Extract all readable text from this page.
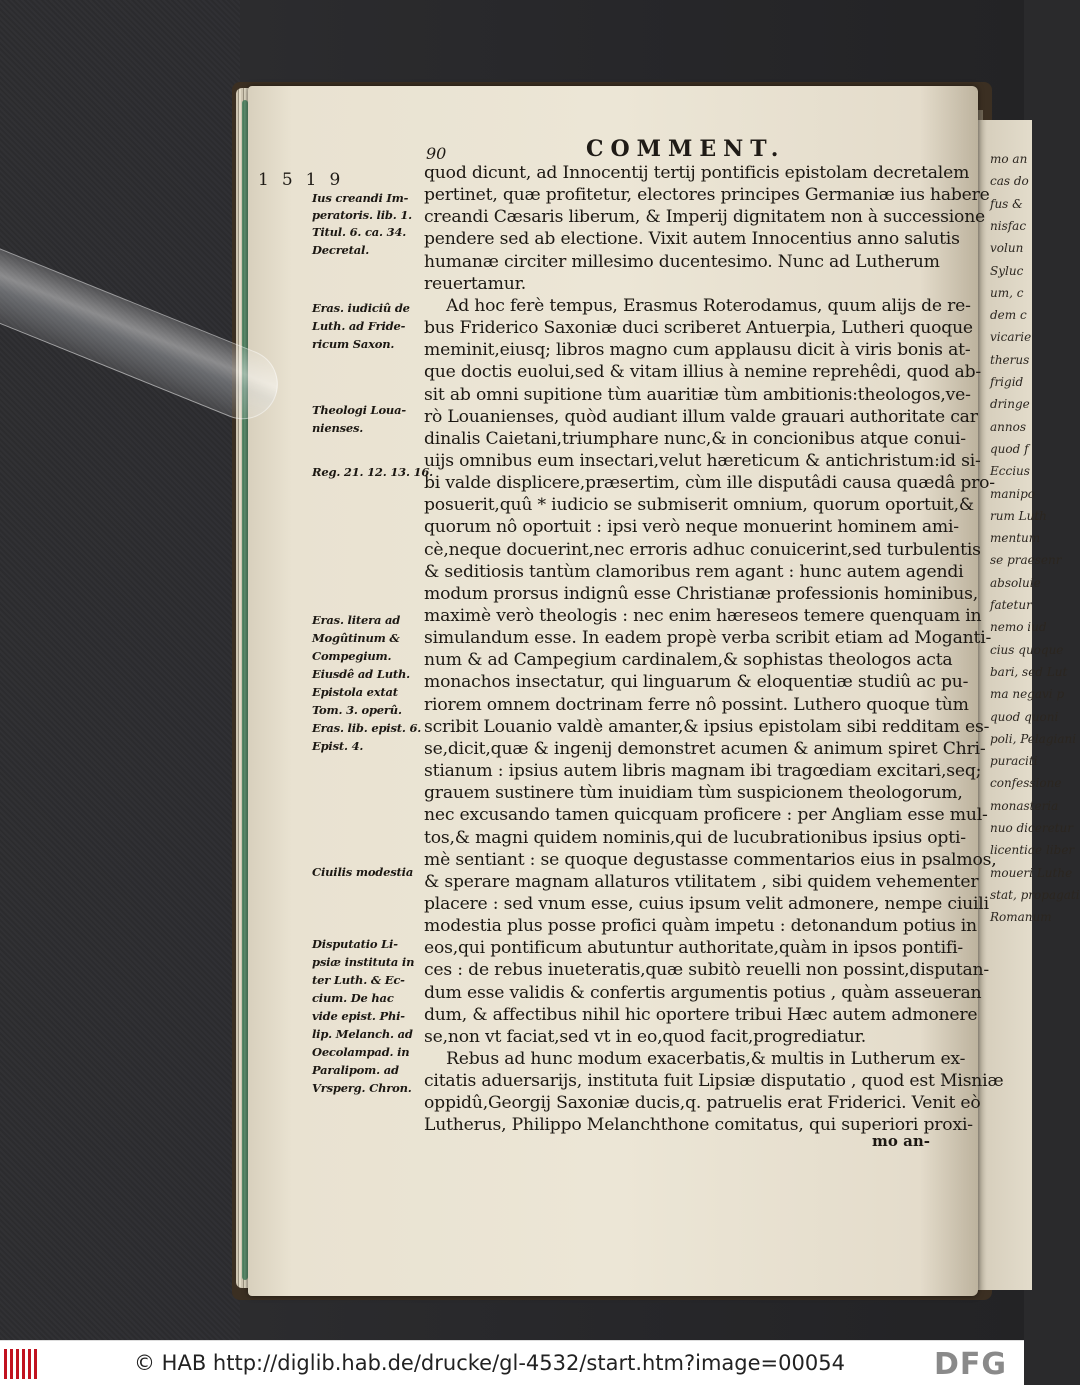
mo an
cas do
fus &
nisfac
volun
Syluc
um, c
dem c
vicarie
therus
frigid
dringe
annos
quod f
Eccius
manipo
rum Luth
mentum
se praesenr
absoluie
fatetur
nemo iud
cius quoque
bari, sed Lut
ma negavi p
quod quoni
poli, Pelagiani
puraciti
confessione
monasteria
nuo diceretur
licentiae liber
moueri Luthe
stat, propagati
Romanum
90	COMMENT.
1519	quod dicunt, ad Innocentij tertij pontificis epistolam decretalem
pertinet, quæ profitetur, electores principes Germaniæ ius habere
creandi Cæsaris liberum, & Imperij dignitatem non à successione
pendere sed ab electione. Vixit autem Innocentius anno salutis
humanæ circiter millesimo ducentesimo. Nunc ad Lutherum
reuertamur.
Ad hoc ferè tempus, Erasmus Roterodamus, quum alijs de re-
bus Friderico Saxoniæ duci scriberet Antuerpia, Lutheri quoque
meminit,eiusq; libros magno cum applausu dicit à viris bonis at-
que doctis euolui,sed & vitam illius à nemine reprehêdi, quod ab-
sit ab omni supitione tùm auaritiæ tùm ambitionis:theologos,ve-
rò Louanienses, quòd audiant illum valde grauari authoritate car
dinalis Caietani,triumphare nunc,& in concionibus atque conui-
uijs omnibus eum insectari,velut hæreticum & antichristum:id si-
bi valde displicere,præsertim, cùm ille disputâdi causa quædâ pro-
posuerit,quû * iudicio se submiserit omnium, quorum oportuit,&
quorum nô oportuit : ipsi verò neque monuerint hominem ami-
cè,neque docuerint,nec erroris adhuc conuicerint,sed turbulentis
& seditiosis tantùm clamoribus rem agant : hunc autem agendi
modum prorsus indignû esse Christianæ professionis hominibus,
maximè verò theologis : nec enim hæreseos temere quenquam in
simulandum esse. In eadem propè verba scribit etiam ad Moganti-
num & ad Campegium cardinalem,& sophistas theologos acta
monachos insectatur, qui linguarum & eloquentiæ studiû ac pu-
riorem omnem doctrinam ferre nô possint. Luthero quoque tùm
scribit Louanio valdè amanter,& ipsius epistolam sibi redditam es-
se,dicit,quæ & ingenij demonstret acumen & animum spiret Chri-
stianum : ipsius autem libris magnam ibi tragœdiam excitari,seq;
grauem sustinere tùm inuidiam tùm suspicionem theologorum,
nec excusando tamen quicquam proficere : per Angliam esse mul-
tos,& magni quidem nominis,qui de lucubrationibus ipsius opti-
mè sentiant : se quoque degustasse commentarios eius in psalmos,
& sperare magnam allaturos vtilitatem , sibi quidem vehementer
placere : sed vnum esse, cuius ipsum velit admonere, nempe ciuili
modestia plus posse profici quàm impetu : detonandum potius in
eos,qui pontificum abutuntur authoritate,quàm in ipsos pontifi-
ces : de rebus inueteratis,quæ subitò reuelli non possint,disputan-
dum esse validis & confertis argumentis potius , quàm asseueran
dum, & affectibus nihil hic oportere tribui Hæc autem admonere
se,non vt faciat,sed vt in eo,quod facit,progrediatur.
Rebus ad hunc modum exacerbatis,& multis in Lutherum ex-
citatis aduersarijs, instituta fuit Lipsiæ disputatio , quod est Misniæ
oppidû,Georgij Saxoniæ ducis,q. patruelis erat Friderici. Venit eò
Lutherus, Philippo Melanchthone comitatus, qui superiori proxi-
Ius creandi Im-
peratoris. lib. 1.
Titul. 6. ca. 34.
Decretal.
Eras. iudiciû de
Luth. ad Fride-
ricum Saxon.
Theologi Loua-
nienses.
Reg. 21. 12. 13. 16.
Eras. litera ad
Mogûtinum &
Compegium.
Eiusdê ad Luth.
Epistola extat
Tom. 3. operû.
Eras. lib. epist. 6.
Epist. 4.
Ciuilis modestia
Disputatio Li-
psiæ instituta in
ter Luth. & Ec-
cium. De hac
vide epist. Phi-
lip. Melanch. ad
Oecolampad. in
Paralipom. ad
Vrsperg. Chron.
mo an-
© HAB http://diglib.hab.de/drucke/gl-4532/start.htm?image=00054	DFG
